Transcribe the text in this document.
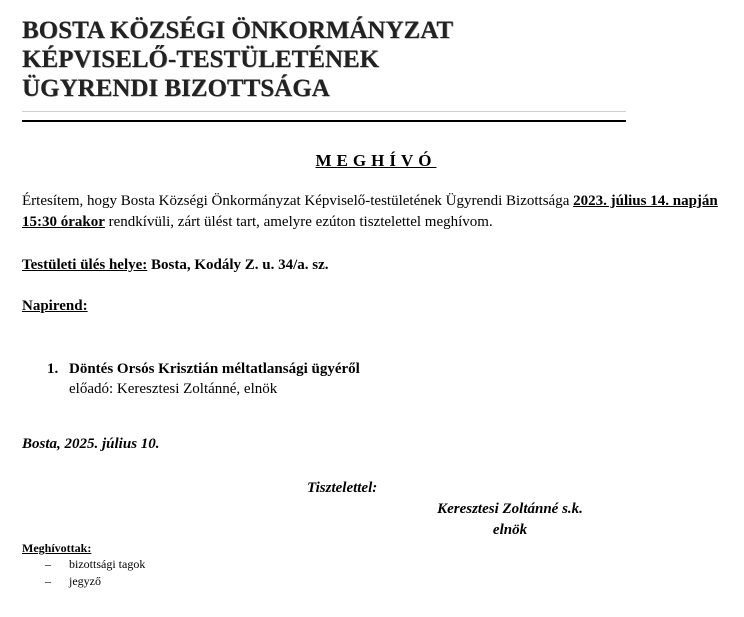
BOSTA KÖZSÉGI ÖNKORMÁNYZAT
KÉPVISELŐ-TESTÜLETÉNEK
ÜGYRENDI BIZOTTSÁGA
MEGHÍVÓ
Értesítem, hogy Bosta Községi Önkormányzat Képviselő-testületének Ügyrendi Bizottsága 2023. július 14. napján 15:30 órakor rendkívüli, zárt ülést tart, amelyre ezúton tisztelettel meghívom.
Testületi ülés helye: Bosta, Kodály Z. u. 34/a. sz.
Napirend:
1. Döntés Orsós Krisztián méltatlansági ügyéről
előadó: Keresztesi Zoltánné, elnök
Bosta, 2025. július 10.
Tisztelettel:
Keresztesi Zoltánné s.k.
elnök
Meghívottak:
– bizottsági tagok
– jegyző
